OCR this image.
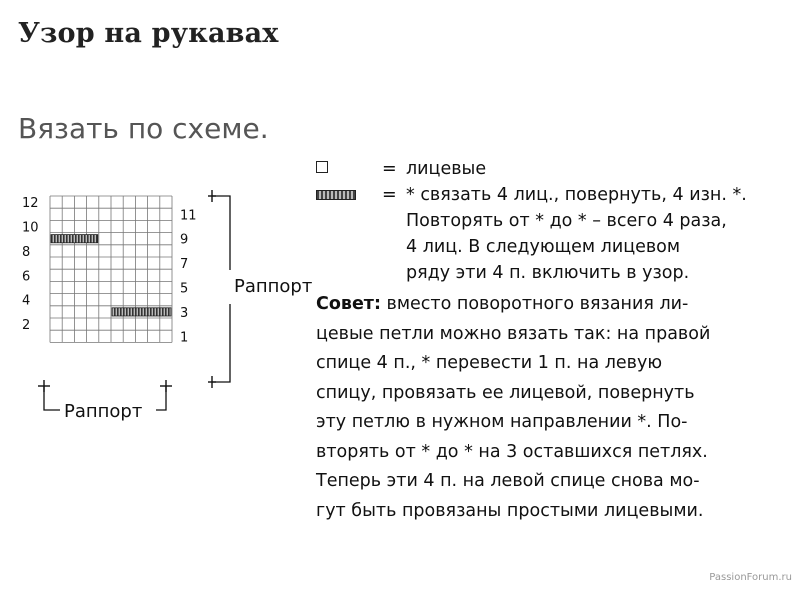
Узор на рукавах
Вязать по схеме.
12
10
8
6
4
2
11
9
7
5
3
1
Раппорт
Раппорт
= лицевые
= * связать 4 лиц., повернуть, 4 изн. *.
Повторять от * до * – всего 4 раза,
4 лиц. В следующем лицевом
ряду эти 4 п. включить в узор.
Совет: вместо поворотного вязания ли-
цевые петли можно вязать так: на правой
спице 4 п., * перевести 1 п. на левую
спицу, провязать ее лицевой, повернуть
эту петлю в нужном направлении *. По-
вторять от * до * на 3 оставшихся петлях.
Теперь эти 4 п. на левой спице снова мо-
гут быть провязаны простыми лицевыми.
PassionForum.ru
